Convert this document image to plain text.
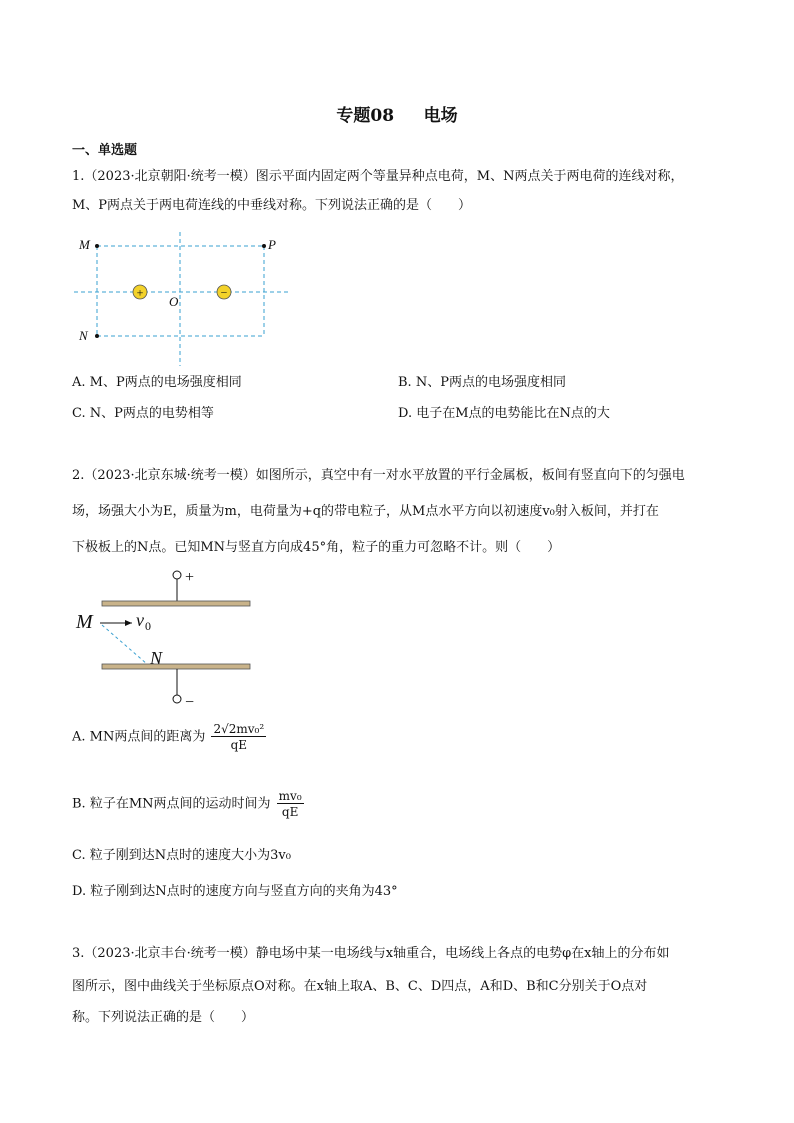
专题08     电场
一、单选题
1.（2023·北京朝阳·统考一模）图示平面内固定两个等量异种点电荷，M、N两点关于两电荷的连线对称，
M、P两点关于两电荷连线的中垂线对称。下列说法正确的是（　　）
+	−
M	P
N
O
A. M、P两点的电场强度相同	B. N、P两点的电场强度相同
C. N、P两点的电势相等	D. 电子在M点的电势能比在N点的大
2.（2023·北京东城·统考一模）如图所示，真空中有一对水平放置的平行金属板，板间有竖直向下的匀强电
场，场强大小为E，质量为m，电荷量为+q的带电粒子，从M点水平方向以初速度v₀射入板间，并打在
下极板上的N点。已知MN与竖直方向成45°角，粒子的重力可忽略不计。则（　　）
+
−
M v 0
N
A. MN两点间的距离为 $\frac{\text{2√2mv₀²}}{qE}$
B. 粒子在MN两点间的运动时间为 $\frac{\text{mv₀}}{qE}$
C. 粒子刚到达N点时的速度大小为3v₀
D. 粒子刚到达N点时的速度方向与竖直方向的夹角为43°
3.（2023·北京丰台·统考一模）静电场中某一电场线与x轴重合，电场线上各点的电势φ在x轴上的分布如
图所示，图中曲线关于坐标原点O对称。在x轴上取A、B、C、D四点，A和D、B和C分别关于O点对
称。下列说法正确的是（　　）
